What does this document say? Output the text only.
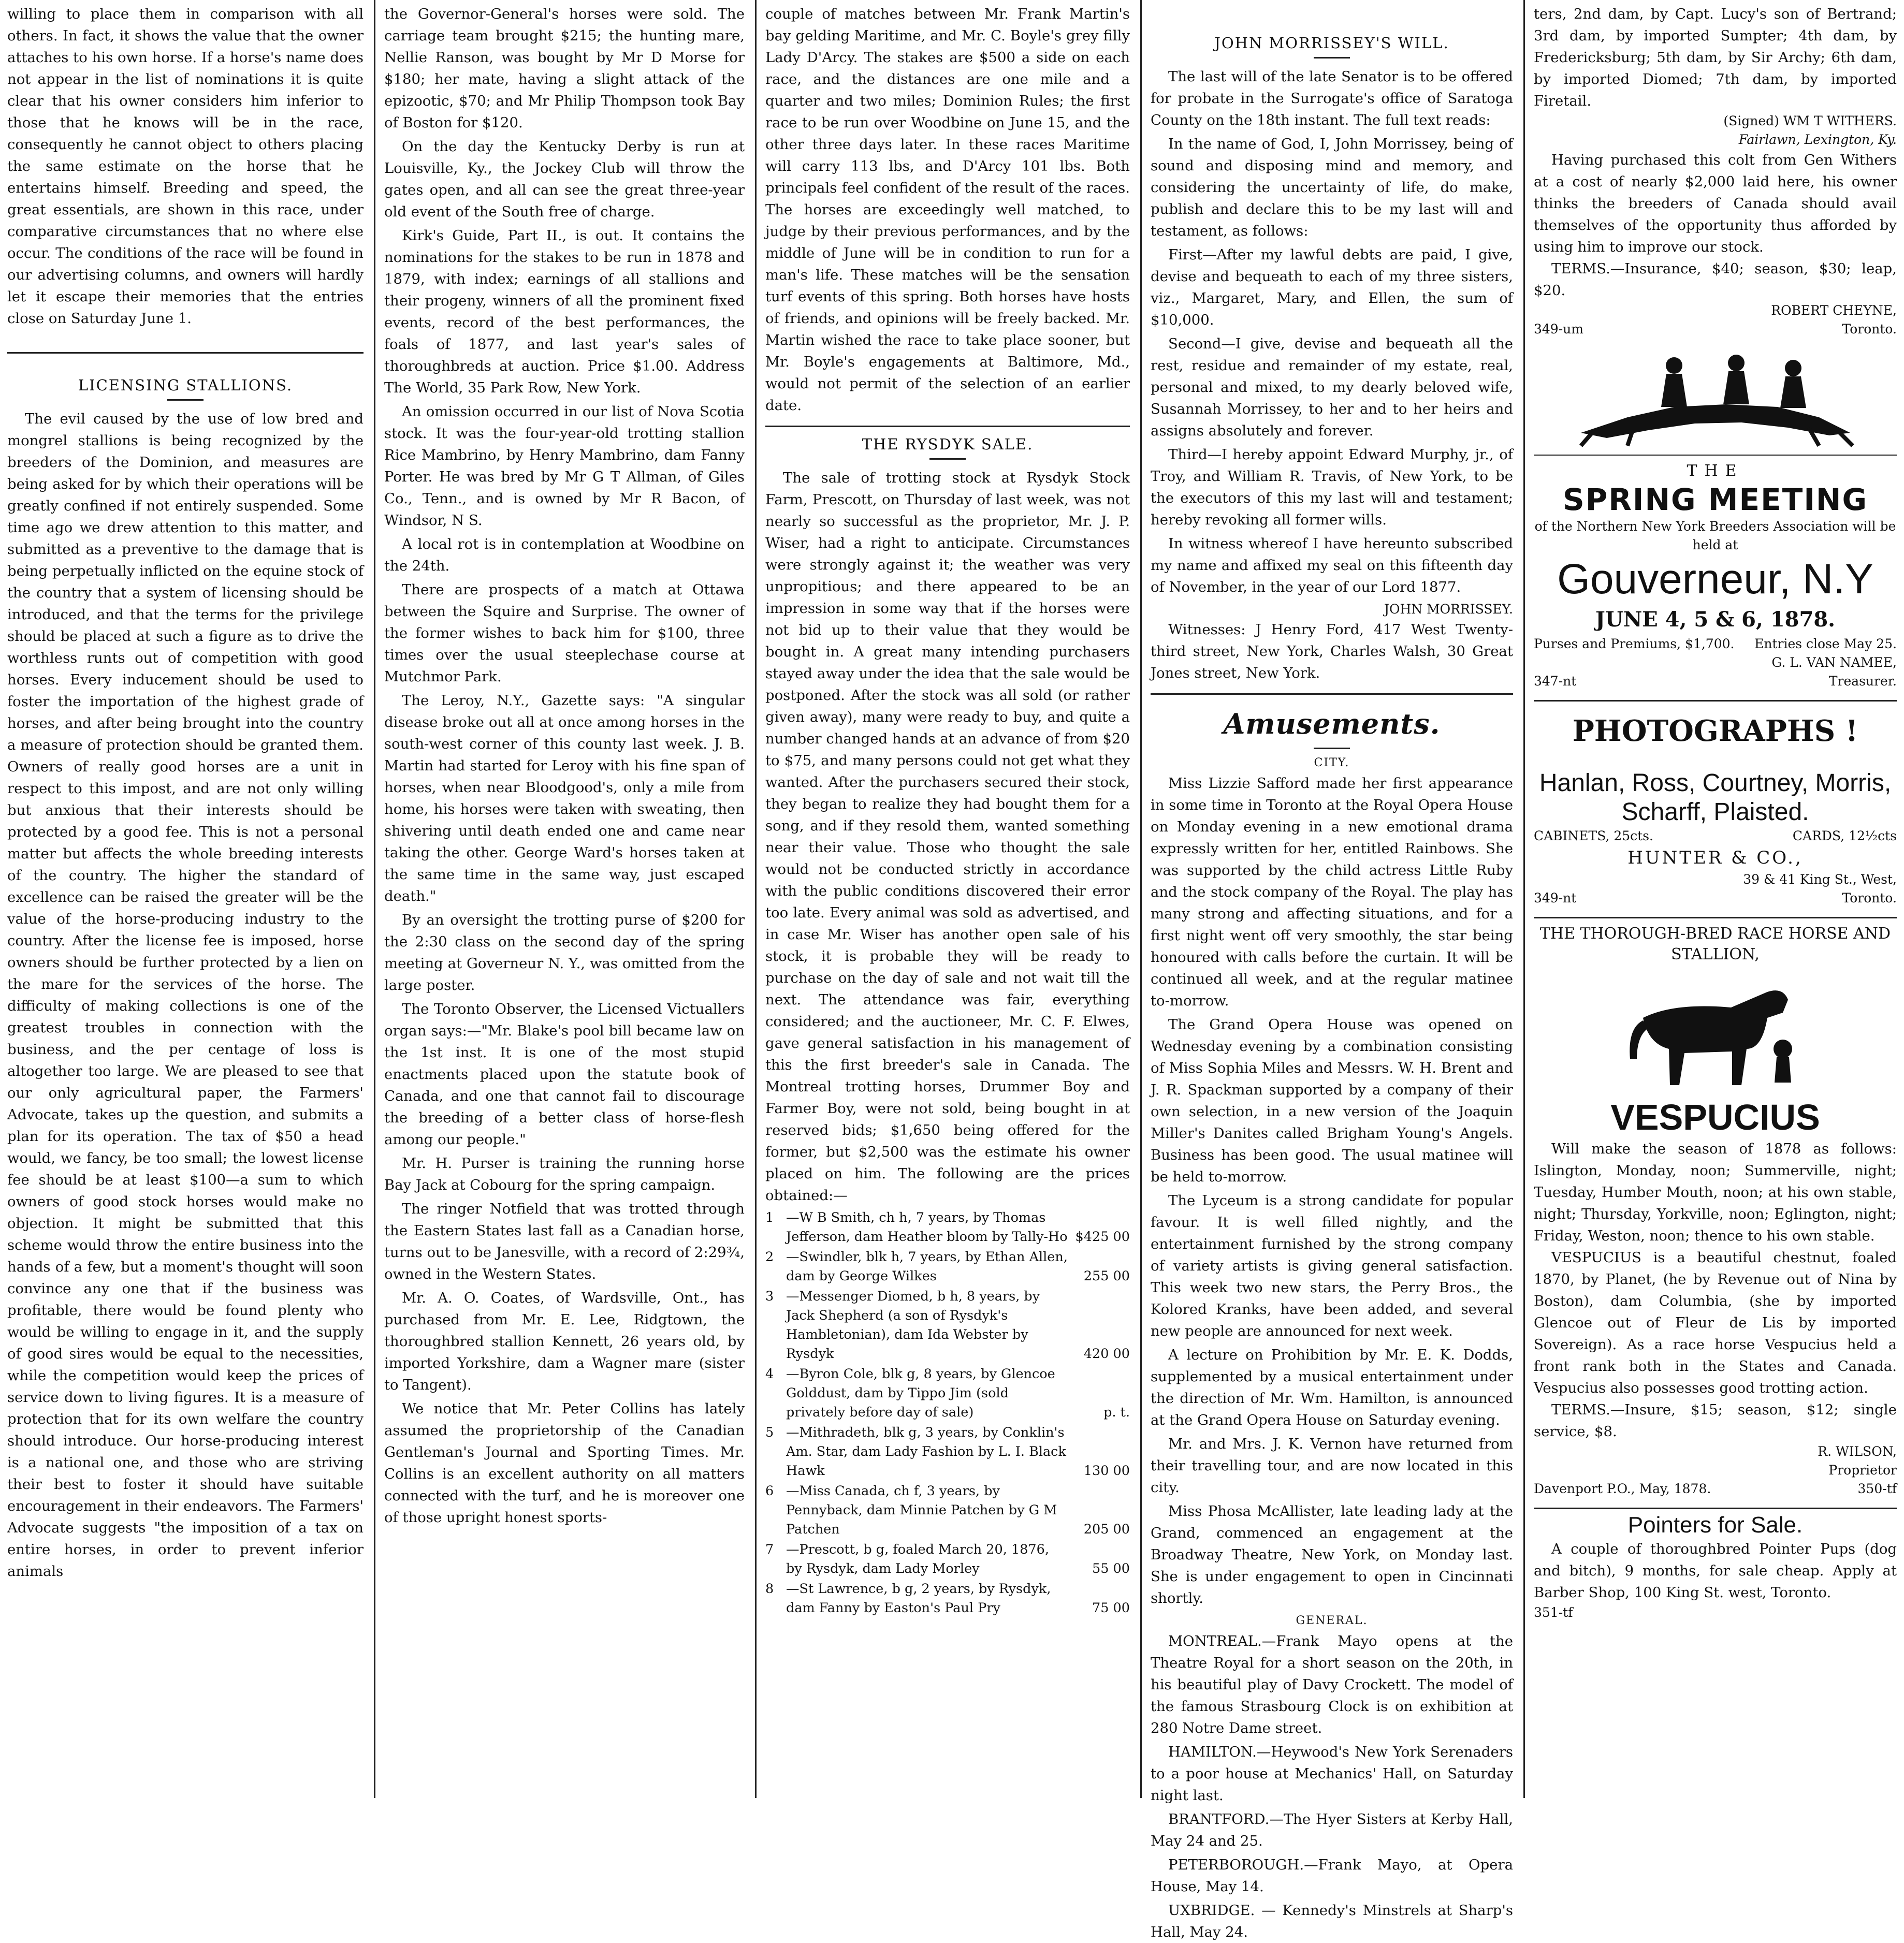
willing to place them in comparison with all others. In fact, it shows the value that the owner attaches to his own horse. If a horse's name does not appear in the list of nominations it is quite clear that his owner considers him inferior to those that he knows will be in the race, consequently he cannot object to others placing the same estimate on the horse that he entertains himself. Breeding and speed, the great essentials, are shown in this race, under comparative circumstances that no where else occur. The conditions of the race will be found in our advertising columns, and owners will hardly let it escape their memories that the entries close on Saturday June 1.

LICENSING STALLIONS.

The evil caused by the use of low bred and mongrel stallions is being recognized by the breeders of the Dominion, and measures are being asked for by which their operations will be greatly confined if not entirely suspended. Some time ago we drew attention to this matter, and submitted as a preventive to the damage that is being perpetually inflicted on the equine stock of the country that a system of licensing should be introduced, and that the terms for the privilege should be placed at such a figure as to drive the worthless runts out of competition with good horses. Every inducement should be used to foster the importation of the highest grade of horses, and after being brought into the country a measure of protection should be granted them. Owners of really good horses are a unit in respect to this impost, and are not only willing but anxious that their interests should be protected by a good fee. This is not a personal matter but affects the whole breeding interests of the country. The higher the standard of excellence can be raised the greater will be the value of the horse-producing industry to the country. After the license fee is imposed, horse owners should be further protected by a lien on the mare for the services of the horse. The difficulty of making collections is one of the greatest troubles in connection with the business, and the per centage of loss is altogether too large. We are pleased to see that our only agricultural paper, the Farmers' Advocate, takes up the question, and submits a plan for its operation. The tax of $50 a head would, we fancy, be too small; the lowest license fee should be at least $100—a sum to which owners of good stock horses would make no objection. It might be submitted that this scheme would throw the entire business into the hands of a few, but a moment's thought will soon convince any one that if the business was profitable, there would be found plenty who would be willing to engage in it, and the supply of good sires would be equal to the necessities, while the competition would keep the prices of service down to living figures. It is a measure of protection that for its own welfare the country should introduce. Our horse-producing interest is a national one, and those who are striving their best to foster it should have suitable encouragement in their endeavors. The Farmers' Advocate suggests "the imposition of a tax on entire horses, in order to prevent inferior animals

the Governor-General's horses were sold. The carriage team brought $215; the hunting mare, Nellie Ranson, was bought by Mr D Morse for $180; her mate, having a slight attack of the epizootic, $70; and Mr Philip Thompson took Bay of Boston for $120.

On the day the Kentucky Derby is run at Louisville, Ky., the Jockey Club will throw the gates open, and all can see the great three-year old event of the South free of charge.

Kirk's Guide, Part II., is out. It contains the nominations for the stakes to be run in 1878 and 1879, with index; earnings of all stallions and their progeny, winners of all the prominent fixed events, record of the best performances, the foals of 1877, and last year's sales of thoroughbreds at auction. Price $1.00. Address The World, 35 Park Row, New York.

An omission occurred in our list of Nova Scotia stock. It was the four-year-old trotting stallion Rice Mambrino, by Henry Mambrino, dam Fanny Porter. He was bred by Mr G T Allman, of Giles Co., Tenn., and is owned by Mr R Bacon, of Windsor, N S.

A local rot is in contemplation at Woodbine on the 24th.

There are prospects of a match at Ottawa between the Squire and Surprise. The owner of the former wishes to back him for $100, three times over the usual steeplechase course at Mutchmor Park.

The Leroy, N.Y., Gazette says: "A singular disease broke out all at once among horses in the south-west corner of this county last week. J. B. Martin had started for Leroy with his fine span of horses, when near Bloodgood's, only a mile from home, his horses were taken with sweating, then shivering until death ended one and came near taking the other. George Ward's horses taken at the same time in the same way, just escaped death."

By an oversight the trotting purse of $200 for the 2:30 class on the second day of the spring meeting at Governeur N. Y., was omitted from the large poster.

The Toronto Observer, the Licensed Victuallers organ says:—"Mr. Blake's pool bill became law on the 1st inst. It is one of the most stupid enactments placed upon the statute book of Canada, and one that cannot fail to discourage the breeding of a better class of horse-flesh among our people."

Mr. H. Purser is training the running horse Bay Jack at Cobourg for the spring campaign.

The ringer Notfield that was trotted through the Eastern States last fall as a Canadian horse, turns out to be Janesville, with a record of 2:29¾, owned in the Western States.

Mr. A. O. Coates, of Wardsville, Ont., has purchased from Mr. E. Lee, Ridgtown, the thoroughbred stallion Kennett, 26 years old, by imported Yorkshire, dam a Wagner mare (sister to Tangent).

We notice that Mr. Peter Collins has lately assumed the proprietorship of the Canadian Gentleman's Journal and Sporting Times. Mr. Collins is an excellent authority on all matters connected with the turf, and he is moreover one of those upright honest sports-

couple of matches between Mr. Frank Martin's bay gelding Maritime, and Mr. C. Boyle's grey filly Lady D'Arcy. The stakes are $500 a side on each race, and the distances are one mile and a quarter and two miles; Dominion Rules; the first race to be run over Woodbine on June 15, and the other three days later. In these races Maritime will carry 113 lbs, and D'Arcy 101 lbs. Both principals feel confident of the result of the races. The horses are exceedingly well matched, to judge by their previous performances, and by the middle of June will be in condition to run for a man's life. These matches will be the sensation turf events of this spring. Both horses have hosts of friends, and opinions will be freely backed. Mr. Martin wished the race to take place sooner, but Mr. Boyle's engagements at Baltimore, Md., would not permit of the selection of an earlier date.

THE RYSDYK SALE.

The sale of trotting stock at Rysdyk Stock Farm, Prescott, on Thursday of last week, was not nearly so successful as the proprietor, Mr. J. P. Wiser, had a right to anticipate. Circumstances were strongly against it; the weather was very unpropitious; and there appeared to be an impression in some way that if the horses were not bid up to their value that they would be bought in. A great many intending purchasers stayed away under the idea that the sale would be postponed. After the stock was all sold (or rather given away), many were ready to buy, and quite a number changed hands at an advance of from $20 to $75, and many persons could not get what they wanted. After the purchasers secured their stock, they began to realize they had bought them for a song, and if they resold them, wanted something near their value. Those who thought the sale would not be conducted strictly in accordance with the public conditions discovered their error too late. Every animal was sold as advertised, and in case Mr. Wiser has another open sale of his stock, it is probable they will be ready to purchase on the day of sale and not wait till the next. The attendance was fair, everything considered; and the auctioneer, Mr. C. F. Elwes, gave general satisfaction in his management of this the first breeder's sale in Canada. The Montreal trotting horses, Drummer Boy and Farmer Boy, were not sold, being bought in at reserved bids; $1,650 being offered for the former, but $2,500 was the estimate his owner placed on him. The following are the prices obtained:—

1 —W B Smith, ch h, 7 years, by Thomas Jefferson, dam Heather bloom by Tally-Ho $425 00
2 —Swindler, blk h, 7 years, by Ethan Allen, dam by George Wilkes	255 00
3 —Messenger Diomed, b h, 8 years, by Jack Shepherd (a son of Rysdyk's Hambletonian), dam Ida Webster by Rysdyk	420 00
4 —Byron Cole, blk g, 8 years, by Glencoe Golddust, dam by Tippo Jim (sold privately before day of sale)	p. t.
5 —Mithradeth, blk g, 3 years, by Conklin's Am. Star, dam Lady Fashion by L. I. Black Hawk	130 00
6 —Miss Canada, ch f, 3 years, by Pennyback, dam Minnie Patchen by G M Patchen	205 00
7 —Prescott, b g, foaled March 20, 1876, by Rysdyk, dam Lady Morley	55 00
8 —St Lawrence, b g, 2 years, by Rysdyk, dam Fanny by Easton's Paul Pry	75 00
JOHN MORRISSEY'S WILL.

The last will of the late Senator is to be offered for probate in the Surrogate's office of Saratoga County on the 18th instant. The full text reads:

In the name of God, I, John Morrissey, being of sound and disposing mind and memory, and considering the uncertainty of life, do make, publish and declare this to be my last will and testament, as follows:

First—After my lawful debts are paid, I give, devise and bequeath to each of my three sisters, viz., Margaret, Mary, and Ellen, the sum of $10,000.

Second—I give, devise and bequeath all the rest, residue and remainder of my estate, real, personal and mixed, to my dearly beloved wife, Susannah Morrissey, to her and to her heirs and assigns absolutely and forever.

Third—I hereby appoint Edward Murphy, jr., of Troy, and William R. Travis, of New York, to be the executors of this my last will and testament; hereby revoking all former wills.

In witness whereof I have hereunto subscribed my name and affixed my seal on this fifteenth day of November, in the year of our Lord 1877.

JOHN MORRISSEY.

Witnesses: J Henry Ford, 417 West Twenty-third street, New York, Charles Walsh, 30 Great Jones street, New York.

Amusements.
CITY.

Miss Lizzie Safford made her first appearance in some time in Toronto at the Royal Opera House on Monday evening in a new emotional drama expressly written for her, entitled Rainbows. She was supported by the child actress Little Ruby and the stock company of the Royal. The play has many strong and affecting situations, and for a first night went off very smoothly, the star being honoured with calls before the curtain. It will be continued all week, and at the regular matinee to-morrow.

The Grand Opera House was opened on Wednesday evening by a combination consisting of Miss Sophia Miles and Messrs. W. H. Brent and J. R. Spackman supported by a company of their own selection, in a new version of the Joaquin Miller's Danites called Brigham Young's Angels. Business has been good. The usual matinee will be held to-morrow.

The Lyceum is a strong candidate for popular favour. It is well filled nightly, and the entertainment furnished by the strong company of variety artists is giving general satisfaction. This week two new stars, the Perry Bros., the Kolored Kranks, have been added, and several new people are announced for next week.

A lecture on Prohibition by Mr. E. K. Dodds, supplemented by a musical entertainment under the direction of Mr. Wm. Hamilton, is announced at the Grand Opera House on Saturday evening.

Mr. and Mrs. J. K. Vernon have returned from their travelling tour, and are now located in this city.

Miss Phosa McAllister, late leading lady at the Grand, commenced an engagement at the Broadway Theatre, New York, on Monday last. She is under engagement to open in Cincinnati shortly.

GENERAL.

MONTREAL.—Frank Mayo opens at the Theatre Royal for a short season on the 20th, in his beautiful play of Davy Crockett. The model of the famous Strasbourg Clock is on exhibition at 280 Notre Dame street.

HAMILTON.—Heywood's New York Serenaders to a poor house at Mechanics' Hall, on Saturday night last.

BRANTFORD.—The Hyer Sisters at Kerby Hall, May 24 and 25.

PETERBOROUGH.—Frank Mayo, at Opera House, May 14.

UXBRIDGE. — Kennedy's Minstrels at Sharp's Hall, May 24.

ters, 2nd dam, by Capt. Lucy's son of Bertrand; 3rd dam, by imported Sumpter; 4th dam, by Fredericksburg; 5th dam, by Sir Archy; 6th dam, by imported Diomed; 7th dam, by imported Firetail.

(Signed) WM T WITHERS.

Fairlawn, Lexington, Ky.

Having purchased this colt from Gen Withers at a cost of nearly $2,000 laid here, his owner thinks the breeders of Canada should avail themselves of the opportunity thus afforded by using him to improve our stock.

TERMS.—Insurance, $40; season, $30; leap, $20.

ROBERT CHEYNE,

349-um	Toronto.

THE

SPRING MEETING

of the Northern New York Breeders Association will be held at

Gouverneur, N.Y

JUNE 4, 5 & 6, 1878.

Purses and Premiums, $1,700. Entries close May 25.

G. L. VAN NAMEE,

347-nt	Treasurer.

PHOTOGRAPHS !

Hanlan, Ross, Courtney, Morris, Scharff, Plaisted.

CABINETS, 25cts.	CARDS, 12½cts

HUNTER & CO.,

39 & 41 King St., West,

349-nt	Toronto.

THE THOROUGH-BRED RACE HORSE AND STALLION,

VESPUCIUS

Will make the season of 1878 as follows: Islington, Monday, noon; Summerville, night; Tuesday, Humber Mouth, noon; at his own stable, night; Thursday, Yorkville, noon; Eglington, night; Friday, Weston, noon; thence to his own stable.

VESPUCIUS is a beautiful chestnut, foaled 1870, by Planet, (he by Revenue out of Nina by Boston), dam Columbia, (she by imported Glencoe out of Fleur de Lis by imported Sovereign). As a race horse Vespucius held a front rank both in the States and Canada. Vespucius also possesses good trotting action.

TERMS.—Insure, $15; season, $12; single service, $8.

R. WILSON,

Proprietor

Davenport P.O., May, 1878.	350-tf

Pointers for Sale.

A couple of thoroughbred Pointer Pups (dog and bitch), 9 months, for sale cheap. Apply at Barber Shop, 100 King St. west, Toronto.

351-tf
